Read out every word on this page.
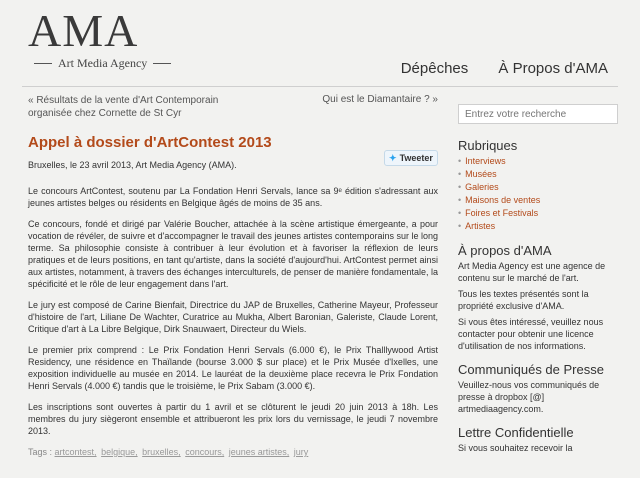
AMA
Art Media Agency	Dépêches À Propos d'AMA
« Résultats de la vente d'Art Contemporain organisée chez Cornette de St Cyr
Qui est le Diamantaire ? »
Entrez votre recherche
Appel à dossier d'ArtContest 2013
Bruxelles, le 23 avril 2013, Art Media Agency (AMA).
✦ Tweeter

Le concours ArtContest, soutenu par La Fondation Henri Servals, lance sa 9ᵉ édition s'adressant aux jeunes artistes belges ou résidents en Belgique âgés de moins de 35 ans.

Ce concours, fondé et dirigé par Valérie Boucher, attachée à la scène artistique émergeante, a pour vocation de révéler, de suivre et d'accompagner le travail des jeunes artistes contemporains sur le long terme. Sa philosophie consiste à contribuer à leur évolution et à favoriser la réflexion de leurs pratiques et de leurs positions, en tant qu'artiste, dans la société d'aujourd'hui. ArtContest permet ainsi aux artistes, notamment, à travers des échanges interculturels, de penser de manière fondamentale, la spécificité et le rôle de leur engagement dans l'art.

Le jury est composé de Carine Bienfait, Directrice du JAP de Bruxelles, Catherine Mayeur, Professeur d'histoire de l'art, Liliane De Wachter, Curatrice au Mukha, Albert Baronian, Galeriste, Claude Lorent, Critique d'art à La Libre Belgique, Dirk Snauwaert, Directeur du Wiels.

Le premier prix comprend : Le Prix Fondation Henri Servals (6.000 €), le Prix Thalllywood Artist Residency, une résidence en Thaïlande (bourse 3.000 $ sur place) et le Prix Musée d'Ixelles, une exposition individuelle au musée en 2014. Le lauréat de la deuxième place recevra le Prix Fondation Henri Servals (4.000 €) tandis que le troisième, le Prix Sabam (3.000 €).

Les inscriptions sont ouvertes à partir du 1 avril et se clôturent le jeudi 20 juin 2013 à 18h. Les membres du jury siègeront ensemble et attribueront les prix lors du vernissage, le jeudi 7 novembre 2013.

Tags : artcontest, belgique, bruxelles, concours, jeunes artistes, jury
Rubriques
• Interviews
• Musées
• Galeries
• Maisons de ventes
• Foires et Festivals
• Artistes
À propos d'AMA

Art Media Agency est une agence de contenu sur le marché de l'art.

Tous les textes présentés sont la propriété exclusive d'AMA.

Si vous êtes intéressé, veuillez nous contacter pour obtenir une licence d'utilisation de nos informations.

Communiqués de Presse

Veuillez-nous vos communiqués de presse à dropbox [@] artmediaagency.com.

Lettre Confidentielle

Si vous souhaitez recevoir la
